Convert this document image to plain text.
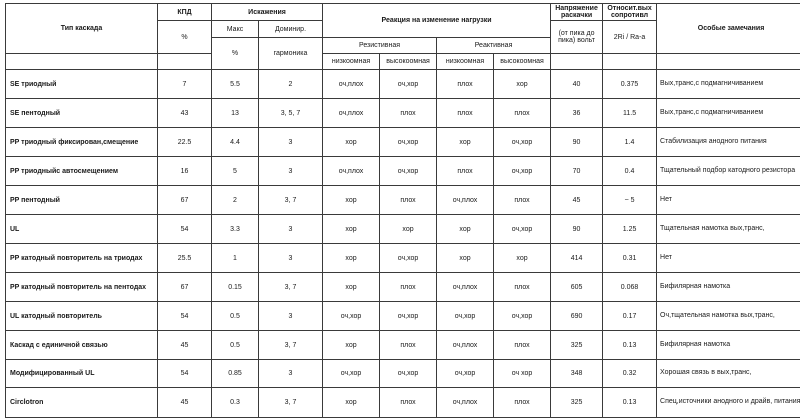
Тип каскада	КПД	Искажения		Реакция на изменение нагрузки				Напряжение раскачки	Относит.вых сопротивл	Особые замечания
	%	Макс	Доминир.					(от пика до пика) вольт	2Ri / Ra-a	
		%	гармоника	Резистивная		Реактивная				
				низкоомная	высокоомная	низкоомная	высокоомная			
SE триодный	7	5.5	2	оч,плох	оч,хор	плох	хор	40	0.375	Вых,транс,с подмагничиванием
SE пентодный	43	13	3, 5, 7	оч,плох	плох	плох	плох	36	11.5	Вых,транс,с подмагничиванием
PP триодный фиксирован,смещение	22.5	4.4	3	хор	оч,хор	хор	оч,хор	90	1.4	Стабилизация анодного питания
PP триодныйс автосмещением	16	5	3	оч,плох	оч,хор	плох	оч,хор	70	0.4	Тщательный подбор катодного резистора
PP пентодный	67	2	3, 7	хор	плох	оч,плох	плох	45	~ 5	Нет
UL	54	3.3	3	хор	хор	хор	оч,хор	90	1.25	Тщательная намотка вых,транс,
PP катодный повторитель на триодах	25.5	1	3	хор	оч,хор	хор	хор	414	0.31	Нет
PP катодный повторитель на пентодах	67	0.15	3, 7	хор	плох	оч,плох	плох	605	0.068	Бифилярная намотка
UL катодный повторитель	54	0.5	3	оч,хор	оч,хор	оч,хор	оч,хор	690	0.17	Оч,тщательная намотка вых,транс,
Каскад с единичной связью	45	0.5	3, 7	хор	плох	оч,плох	плох	325	0.13	Бифилярная намотка
Модифицированный UL	54	0.85	3	оч,хор	оч,хор	оч,хор	оч хор	348	0.32	Хорошая связь в вых,транс,
Circlotron	45	0.3	3, 7	хор	плох	оч,плох	плох	325	0.13	Спец,источники анодного и драйв, питания
